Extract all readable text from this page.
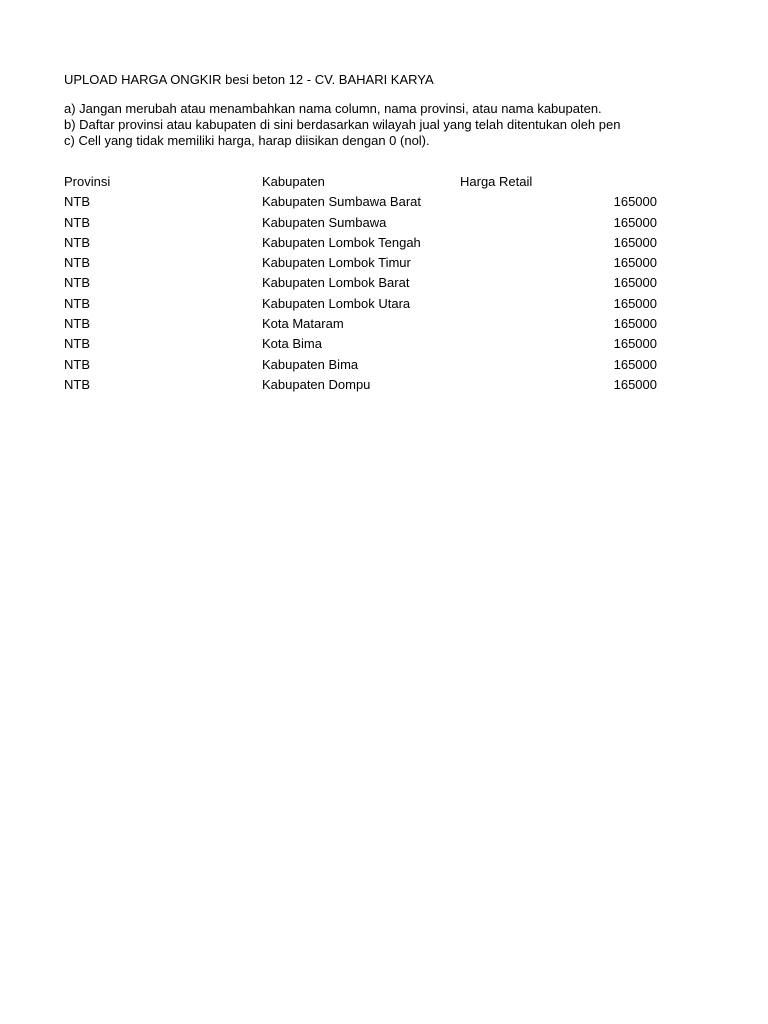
UPLOAD HARGA ONGKIR besi beton 12 - CV. BAHARI KARYA
a) Jangan merubah atau menambahkan nama column, nama provinsi, atau nama kabupaten.
b) Daftar provinsi atau kabupaten di sini berdasarkan wilayah jual yang telah ditentukan oleh pen
c) Cell yang tidak memiliki harga, harap diisikan dengan 0 (nol).
Provinsi	Kabupaten	Harga Retail
NTB	Kabupaten Sumbawa Barat	165000
NTB	Kabupaten Sumbawa	165000
NTB	Kabupaten Lombok Tengah	165000
NTB	Kabupaten Lombok Timur	165000
NTB	Kabupaten Lombok Barat	165000
NTB	Kabupaten Lombok Utara	165000
NTB	Kota Mataram	165000
NTB	Kota Bima	165000
NTB	Kabupaten Bima	165000
NTB	Kabupaten Dompu	165000
